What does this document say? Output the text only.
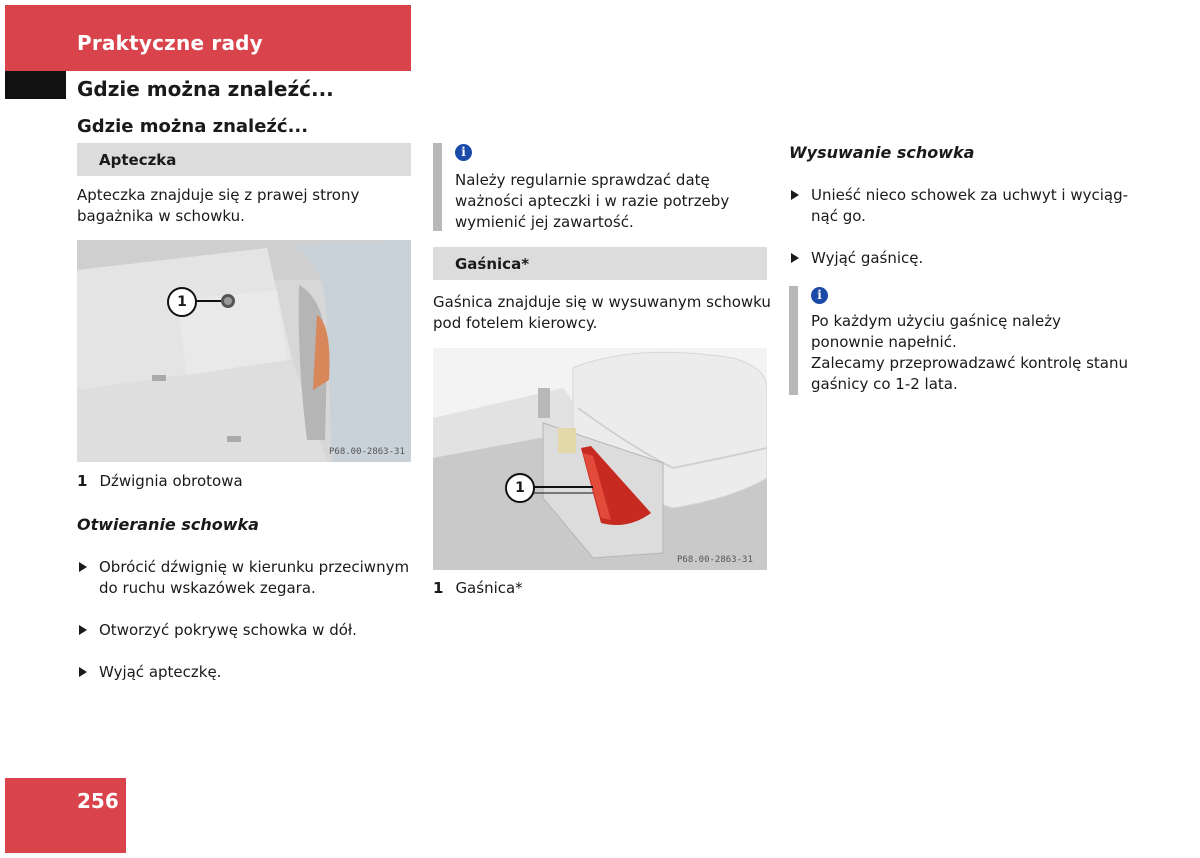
Praktyczne rady
Gdzie można znaleźć...
Gdzie można znaleźć...
Apteczka
Apteczka znajduje się z prawej strony bagażnika w schowku.
1
P68.00-2863-31
1 Dźwignia obrotowa
Otwieranie schowka
Obrócić dźwignię w kierunku przeciwnym do ruchu wskazówek zegara.
Otworzyć pokrywę schowka w dół.
Wyjąć apteczkę.
i
Należy regularnie sprawdzać datę ważności apteczki i w razie potrzeby wymienić jej zawartość.
Gaśnica*
Gaśnica znajduje się w wysuwanym schowku pod fotelem kierowcy.
1
P68.00-2863-31
1 Gaśnica*
Wysuwanie schowka
Unieść nieco schowek za uchwyt i wyciąg-nąć go.
Wyjąć gaśnicę.
i
Po każdym użyciu gaśnicę należy ponownie napełnić.
Zalecamy przeprowadzawć kontrolę stanu gaśnicy co 1-2 lata.
256
